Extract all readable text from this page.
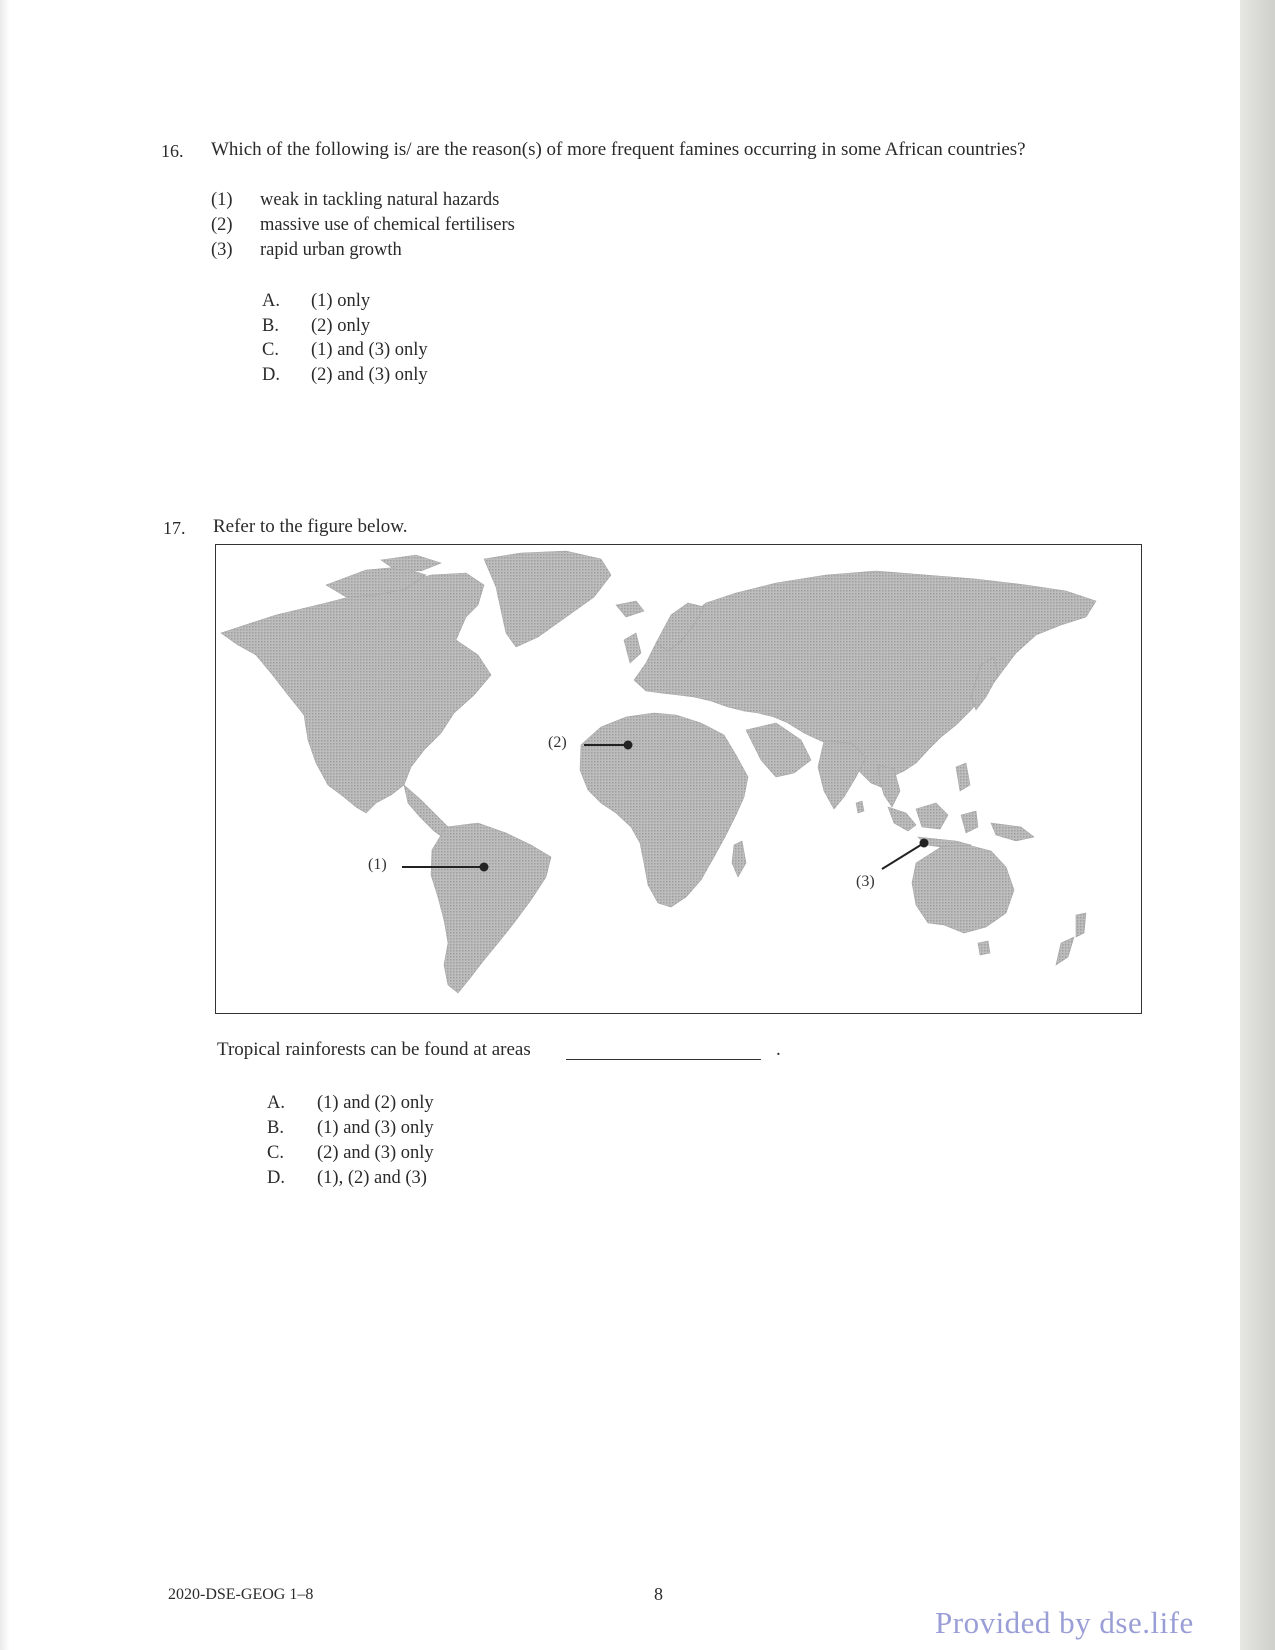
16. Which of the following is/ are the reason(s) of more frequent famines occurring in some African countries?
(1) weak in tackling natural hazards
(2) massive use of chemical fertilisers
(3) rapid urban growth
A. (1) only
B. (2) only
C. (1) and (3) only
D. (2) and (3) only
17. Refer to the figure below.
(1)
(2)
(3)
Tropical rainforests can be found at areas	.
A. (1) and (2) only
B. (1) and (3) only
C. (2) and (3) only
D. (1), (2) and (3)
2020-DSE-GEOG 1–8	8
Provided by dse.life
